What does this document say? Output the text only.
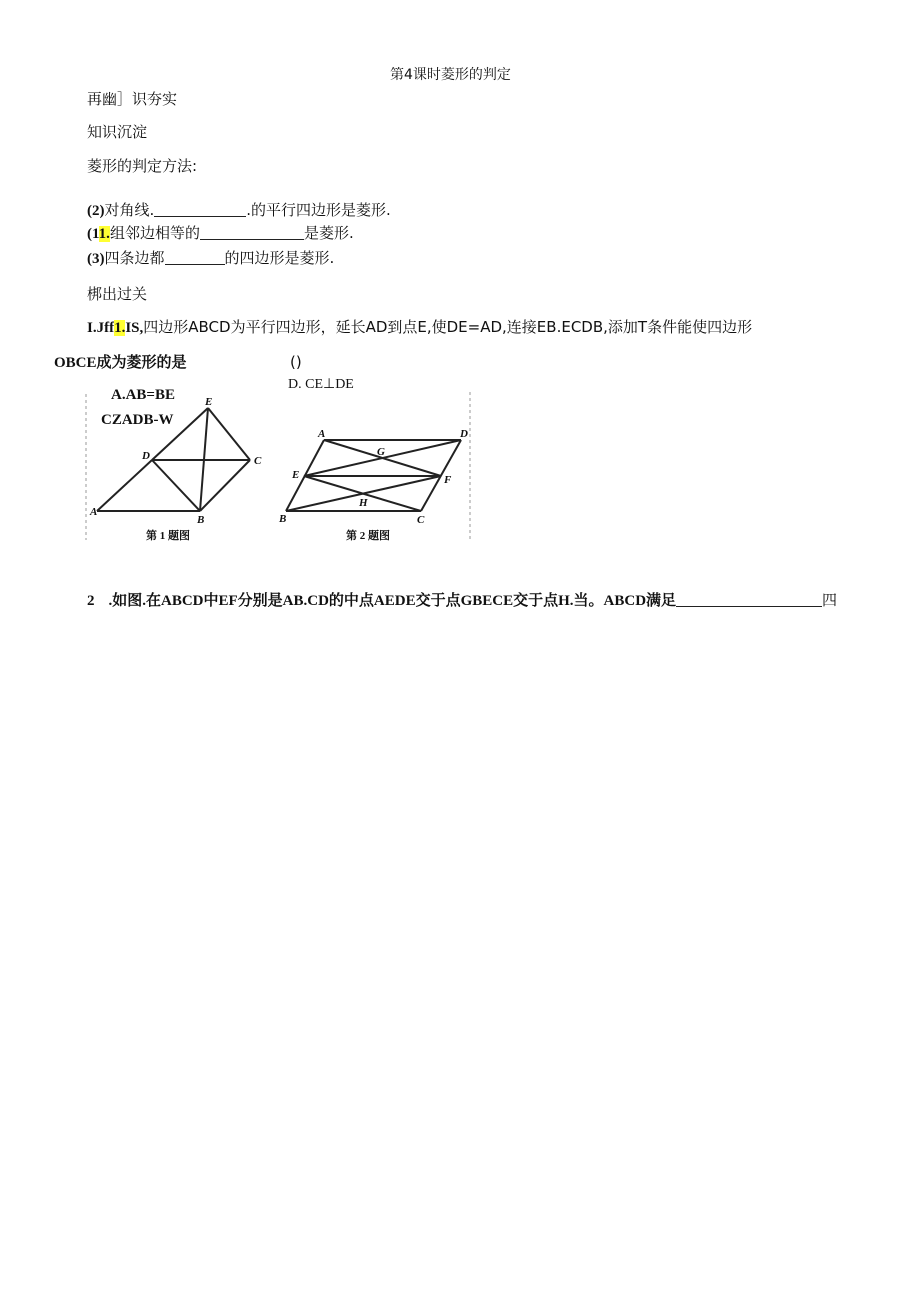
第4课时菱形的判定
再幽］识夯实
知识沉淀
菱形的判定方法:
(2)对角线.	.的平行四边形是菱形.
(11.组邻边相等的	是菱形.
(3)四条边都	的四边形是菱形.
梆出过关
I.Jff1.IS,四边形ABCD为平行四边形，延长AD到点E,使DE=AD,连接EB.ECDB,添加T条件能使四边形
OBCE成为菱形的是	()
A.AB=BE
CZADB-W
D. CE⊥DE
E
D	C
A
B
第 1 题图
A	D
G
E	F
H
B	C
第 2 题图
2 .如图.在ABCD中EF分别是AB.CD的中点AEDE交于点GBECE交于点H.当。ABCD满足	四
